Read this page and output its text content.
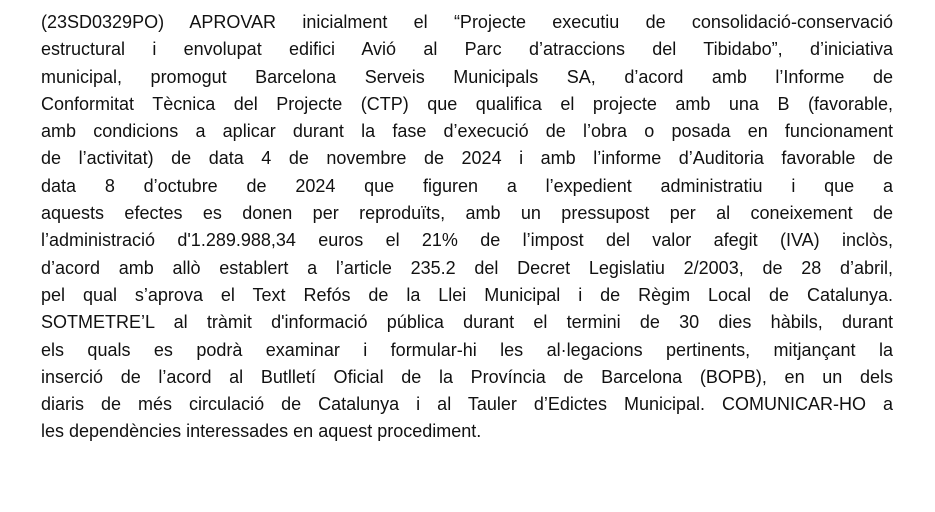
(23SD0329PO) APROVAR inicialment el “Projecte executiu de consolidació-conservació
estructural i envolupat edifici Avió al Parc d’atraccions del Tibidabo”, d’iniciativa
municipal, promogut Barcelona Serveis Municipals SA, d’acord amb l’Informe de
Conformitat Tècnica del Projecte (CTP) que qualifica el projecte amb una B (favorable,
amb condicions a aplicar durant la fase d’execució de l’obra o posada en funcionament
de l’activitat) de data 4 de novembre de 2024 i amb l’informe d’Auditoria favorable de
data 8 d’octubre de 2024 que figuren a l’expedient administratiu i que a
aquests efectes es donen per reproduïts, amb un pressupost per al coneixement de
l’administració d'1.289.988,34 euros el 21% de l’impost del valor afegit (IVA) inclòs,
d’acord amb allò establert a l’article 235.2 del Decret Legislatiu 2/2003, de 28 d’abril,
pel qual s’aprova el Text Refós de la Llei Municipal i de Règim Local de Catalunya.
SOTMETRE’L al tràmit d'informació pública durant el termini de 30 dies hàbils, durant
els quals es podrà examinar i formular-hi les al·legacions pertinents, mitjançant la
inserció de l’acord al Butlletí Oficial de la Província de Barcelona (BOPB), en un dels
diaris de més circulació de Catalunya i al Tauler d’Edictes Municipal. COMUNICAR-HO a
les dependències interessades en aquest procediment.
